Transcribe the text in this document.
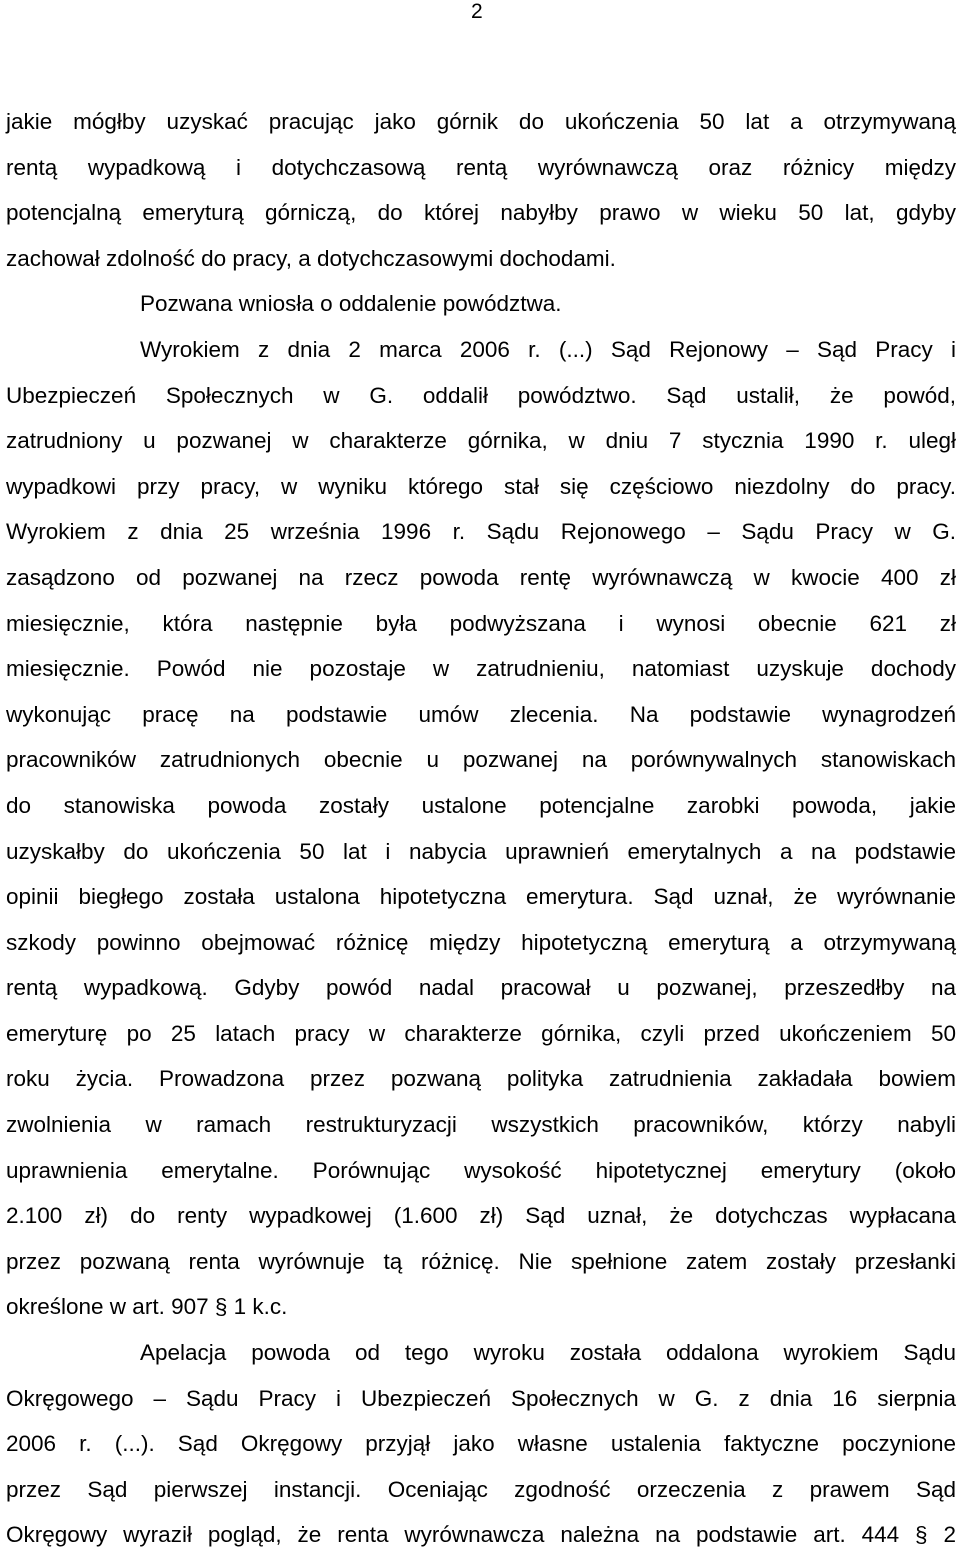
2
jakie mógłby uzyskać pracując jako górnik do ukończenia 50 lat a otrzymywaną
rentą wypadkową i dotychczasową rentą wyrównawczą oraz różnicy między
potencjalną emeryturą górniczą, do której nabyłby prawo w wieku 50 lat, gdyby
zachował zdolność do pracy, a dotychczasowymi dochodami.
Pozwana wniosła o oddalenie powództwa.
Wyrokiem z dnia 2 marca 2006 r. (...) Sąd Rejonowy – Sąd Pracy i
Ubezpieczeń Społecznych w G. oddalił powództwo. Sąd ustalił, że powód,
zatrudniony u pozwanej w charakterze górnika, w dniu 7 stycznia 1990 r. uległ
wypadkowi przy pracy, w wyniku którego stał się częściowo niezdolny do pracy.
Wyrokiem z dnia 25 września 1996 r. Sądu Rejonowego – Sądu Pracy w G.
zasądzono od pozwanej na rzecz powoda rentę wyrównawczą w kwocie 400 zł
miesięcznie, która następnie była podwyższana i wynosi obecnie 621 zł
miesięcznie. Powód nie pozostaje w zatrudnieniu, natomiast uzyskuje dochody
wykonując pracę na podstawie umów zlecenia. Na podstawie wynagrodzeń
pracowników zatrudnionych obecnie u pozwanej na porównywalnych stanowiskach
do stanowiska powoda zostały ustalone potencjalne zarobki powoda, jakie
uzyskałby do ukończenia 50 lat i nabycia uprawnień emerytalnych a na podstawie
opinii biegłego została ustalona hipotetyczna emerytura. Sąd uznał, że wyrównanie
szkody powinno obejmować różnicę między hipotetyczną emeryturą a otrzymywaną
rentą wypadkową. Gdyby powód nadal pracował u pozwanej, przeszedłby na
emeryturę po 25 latach pracy w charakterze górnika, czyli przed ukończeniem 50
roku życia. Prowadzona przez pozwaną polityka zatrudnienia zakładała bowiem
zwolnienia w ramach restrukturyzacji wszystkich pracowników, którzy nabyli
uprawnienia emerytalne. Porównując wysokość hipotetycznej emerytury (około
2.100 zł) do renty wypadkowej (1.600 zł) Sąd uznał, że dotychczas wypłacana
przez pozwaną renta wyrównuje tą różnicę. Nie spełnione zatem zostały przesłanki
określone w art. 907 § 1 k.c.
Apelacja powoda od tego wyroku została oddalona wyrokiem Sądu
Okręgowego – Sądu Pracy i Ubezpieczeń Społecznych w G. z dnia 16 sierpnia
2006 r. (...). Sąd Okręgowy przyjął jako własne ustalenia faktyczne poczynione
przez Sąd pierwszej instancji. Oceniając zgodność orzeczenia z prawem Sąd
Okręgowy wyraził pogląd, że renta wyrównawcza należna na podstawie art. 444 § 2
